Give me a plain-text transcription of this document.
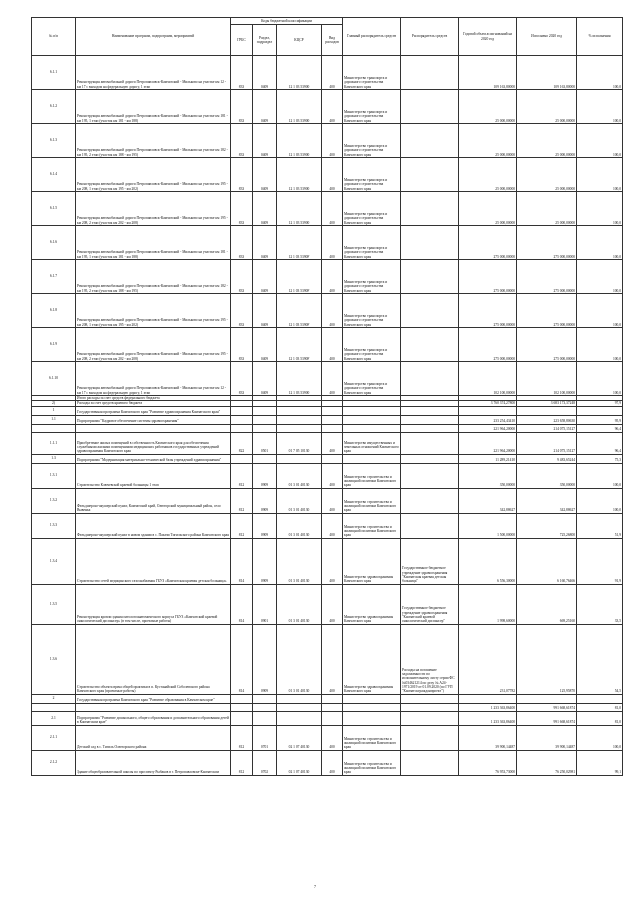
№ п/п	Наименование программ, подпрограмм, мероприятий	Коды бюджетной классификации				Главный распорядитель средств	Распорядитель средств	Годовой объем ассигнований на 2020 год	Исполнено 2020 год	% исполнения
		ГРБС	Раздел, подраздел	КЦСР	Вид расходов					
6.1.1	Реконструкция автомобильной дороги Петропавловск-Камчатский - Мильково на участке км 12 - км 17 с выходом на федеральную дорогу, 1 этап	833	0409	12 1 03 53900	400	Министерство транспорта и дорожного строительства Камчатского края		109 163,80000	109 163,80000	100,0
6.1.2	Реконструкция автомобильной дороги Петропавловск-Камчатский - Мильково на участке км 181 - км 195, 1 этап (участок км 181 - км 188)	833	0409	12 1 03 53900	400	Министерство транспорта и дорожного строительства Камчатского края		25 000,00000	25 000,00000	100,0
6.1.3	Реконструкция автомобильной дороги Петропавловск-Камчатский - Мильково на участке км 182 - км 195, 2 этап (участок км 188 - км 195)	833	0409	12 1 03 53900	400	Министерство транспорта и дорожного строительства Камчатского края		25 000,00000	25 000,00000	100,0
6.1.4	Реконструкция автомобильной дороги Петропавловск-Камчатский - Мильково на участке км 195 - км 208, 1 этап (участок км 195 - км 202)	833	0409	12 1 03 53900	400	Министерство транспорта и дорожного строительства Камчатского края		25 000,00000	25 000,00000	100,0
6.1.5	Реконструкция автомобильной дороги Петропавловск-Камчатский - Мильково на участке км 195 - км 208, 2 этап (участок км 202 - км 208)	833	0409	12 1 03 53900	400	Министерство транспорта и дорожного строительства Камчатского края		25 000,00000	25 000,00000	100,0
6.1.6	Реконструкция автомобильной дороги Петропавловск-Камчатский - Мильково на участке км 181 - км 195, 1 этап (участок км 181 - км 188)	833	0409	12 1 03 5390F	400	Министерство транспорта и дорожного строительства Камчатского края		275 000,00000	275 000,00000	100,0
6.1.7	Реконструкция автомобильной дороги Петропавловск-Камчатский - Мильково на участке км 182 - км 195, 2 этап (участок км 188 - км 195)	833	0409	12 1 03 5390F	400	Министерство транспорта и дорожного строительства Камчатского края		275 000,00000	275 000,00000	100,0
6.1.8	Реконструкция автомобильной дороги Петропавловск-Камчатский - Мильково на участке км 195 - км 208, 1 этап (участок км 195 - км 202)	833	0409	12 1 03 5390F	400	Министерство транспорта и дорожного строительства Камчатского края		275 000,00000	275 000,00000	100,0
6.1.9	Реконструкция автомобильной дороги Петропавловск-Камчатский - Мильково на участке км 195 - км 208, 2 этап (участок км 202 - км 208)	833	0409	12 1 03 5390F	400	Министерство транспорта и дорожного строительства Камчатского края		275 000,00000	275 000,00000	100,0
6.1.10	Реконструкция автомобильной дороги Петропавловск-Камчатский - Мильково на участке км 12 - км 17 с выходом на федеральную дорогу, 1 этап	833	0409	12 1 03 53900	400	Министерство транспорта и дорожного строительства Камчатского края		102 100,00000	102 100,00000	100,0
	Итого расходы за счет средств федерального бюджета									
2)	Расходы за счет средств краевого бюджета							3 760 374,27800	3 683 173,37248	97,9
1	Государственная программа Камчатского края "Развитие здравоохранения Камчатского края"									
1.1	Подпрограмма "Кадровое обеспечение системы здравоохранения"							233 254,43410	223 658,80630	95,9
								221 964,20000	214 075,15127	96,4
1.1.1	Приобретение жилых помещений в собственность Камчатского края для обеспечения служебными жилыми помещениями медицинских работников государственных учреждений здравоохранения Камчатского края	822	0501	01 7 05 10130	400	Министерство имущественных и земельных отношений Камчатского края		221 964,20000	214 075,15127	96,4
1.3	Подпрограмма "Модернизация материально-технической базы учреждений здравоохранения"							11 289,21410	9 483,65244	75,3
1.3.1	Строительство Ключевской краевой больницы 1 этап	812	0909	01 3 01 40130	400	Министерство строительства и жилищной политики Камчатского края		350,00000	350,00000	100,0
1.3.2	Фельдшерско-акушерский пункт, Камчатский край, Олюторский муниципальный район, село Вывенка	812	0909	01 3 01 40130	400	Министерство строительства и жилищной политики Камчатского края		342,88627	342,88627	100,0
1.3.3	Фельдшерско-акушерский пункт в новом здании в с. Пахачи Тигильского района Камчатского края	812	0909	01 3 01 40130	400	Министерство строительства и жилищной политики Камчатского края		1 500,00000	725,26800	51,9
1.3.4	Строительство сетей медицинского газоснабжения ГБУЗ «Камчатская краевая детская больница»	814	0909	01 3 01 40130	400	Министерство здравоохранения Камчатского края	Государственное бюджетное учреждение здравоохранения "Камчатская краевая детская больница"	6 556,30000	6 160,76466	91,9
1.3.5	Реконструкция кровли здания патологоанатомического корпуса ГБУЗ «Камчатский краевой онкологический диспансер» (в том числе, проектные работы)	814	0901	01 3 01 40130	400	Министерство здравоохранения Камчатского края	Государственное бюджетное учреждение здравоохранения "Камчатский краевой онкологический диспансер"	1 998,60000	669,25160	33,5
1.3.6	Строительство объекта врача общей практики в п. Кустанайский Соболевского района Камчатского края (проектные работы)	814	0909	01 3 01 40130	400	Министерство здравоохранения Камчатского края	Расходы на погашение задолженности по исполнительному листу серии ФС №034621214 по делу № А24-1971/2019 от 01.09.2020 (по ГУП "Камчатскгражданпроект")	231,07782	125,95870	54,5
2	Государственная программа Камчатского края "Развитие образования в Камчатском крае"									
								1 233 363,86400	991 668,61874	81,0
2.1	Подпрограмма "Развитие дошкольного, общего образования и дополнительного образования детей в Камчатском крае"							1 233 363,86400	991 668,61874	81,0
2.1.1	Детский сад в с. Тигиль Олюторского района	812	0701	02 1 07 40130	400	Министерство строительства и жилищной политики Камчатского края		39 900,14487	39 900,14487	100,0
2.1.2	Здание общеобразовательной школы по проспекту Рыбаков в г. Петропавловске-Камчатском	812	0702	02 1 07 40130	400	Министерство строительства и жилищной политики Камчатского края		76 953,73000	76 250,02981	99,1
7
